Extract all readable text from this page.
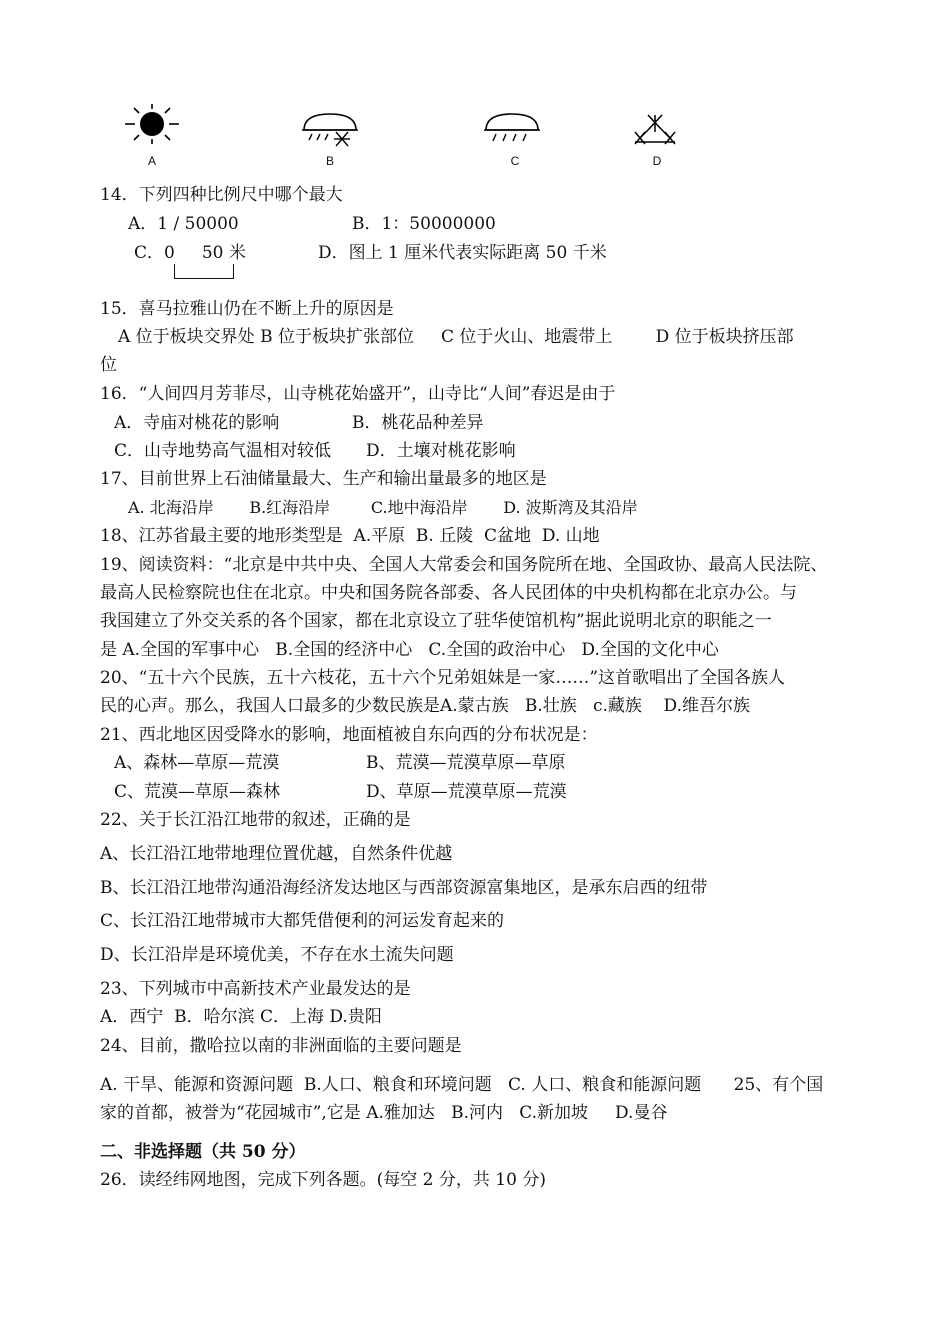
A	B	C	D
14．下列四种比例尺中哪个最大
A．1 / 50000	B．1：50000000
C．0     50 米	D．图上 1 厘米代表实际距离 50 千米
15．喜马拉雅山仍在不断上升的原因是
A 位于板块交界处 B 位于板块扩张部位     C 位于火山、地震带上        D 位于板块挤压部
位
16．“人间四月芳菲尽，山寺桃花始盛开”，山寺比“人间”春迟是由于
A．寺庙对桃花的影响	B．桃花品种差异
C．山寺地势高气温相对较低 D．土壤对桃花影响
17、目前世界上石油储量最大、生产和输出量最多的地区是
A. 北海沿岸       B.红海沿岸        C.地中海沿岸       D. 波斯湾及其沿岸
18、江苏省最主要的地形类型是  A.平原  B. 丘陵  C盆地  D. 山地
19、阅读资料：“北京是中共中央、全国人大常委会和国务院所在地、全国政协、最高人民法院、
最高人民检察院也住在北京。中央和国务院各部委、各人民团体的中央机构都在北京办公。与
我国建立了外交关系的各个国家，都在北京设立了驻华使馆机构”据此说明北京的职能之一
是 A.全国的军事中心   B.全国的经济中心   C.全国的政治中心   D.全国的文化中心
20、“五十六个民族，五十六枝花，五十六个兄弟姐妹是一家……”这首歌唱出了全国各族人
民的心声。那么，我国人口最多的少数民族是A.蒙古族   B.壮族   c.藏族    D.维吾尔族
21、西北地区因受降水的影响，地面植被自东向西的分布状况是：
A、森林—草原—荒漠	B、荒漠—荒漠草原—草原
C、荒漠—草原—森林	D、草原—荒漠草原—荒漠
22、关于长江沿江地带的叙述，正确的是
A、长江沿江地带地理位置优越，自然条件优越
B、长江沿江地带沟通沿海经济发达地区与西部资源富集地区，是承东启西的纽带
C、长江沿江地带城市大都凭借便利的河运发育起来的
D、长江沿岸是环境优美，不存在水土流失问题
23、下列城市中高新技术产业最发达的是
A．西宁  B．哈尔滨 C．上海 D.贵阳
24、目前，撒哈拉以南的非洲面临的主要问题是
A. 干旱、能源和资源问题  B.人口、粮食和环境问题   C. 人口、粮食和能源问题      25、有个国
家的首都，被誉为“花园城市”,它是 A.雅加达   B.河内   C.新加坡     D.曼谷
二、非选择题（共 50 分）
26．读经纬网地图，完成下列各题。(每空 2 分，共 10 分)
